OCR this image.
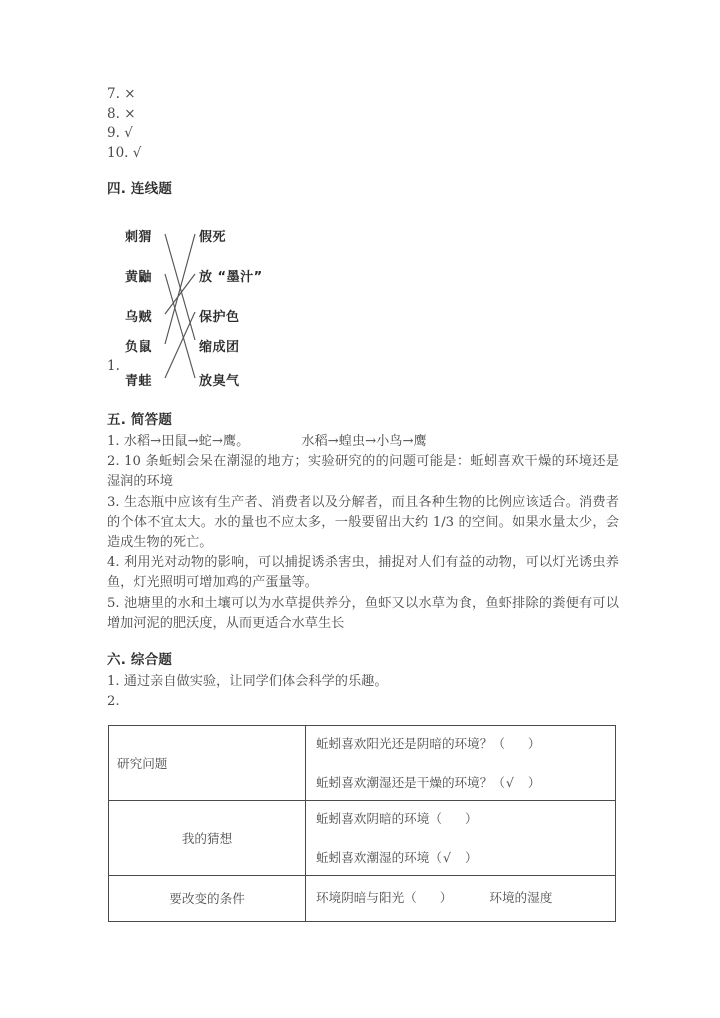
7. ×
8. ×
9. √
10. √
四. 连线题
1.
刺猬
黄鼬
乌贼
负鼠
青蛙
假死
放 “墨汁”
保护色
缩成团
放臭气
五. 简答题

1. 水稻→田鼠→蛇→鹰。	水稻→蝗虫→小鸟→鹰

2. 10 条蚯蚓会呆在潮湿的地方；实验研究的的问题可能是：蚯蚓喜欢干燥的环境还是湿润的环境

3. 生态瓶中应该有生产者、消费者以及分解者，而且各种生物的比例应该适合。消费者的个体不宜太大。水的量也不应太多，一般要留出大约 1/3 的空间。如果水量太少，会造成生物的死亡。

4. 利用光对动物的影响，可以捕捉诱杀害虫，捕捉对人们有益的动物，可以灯光诱虫养鱼，灯光照明可增加鸡的产蛋量等。

5. 池塘里的水和土壤可以为水草提供养分，鱼虾又以水草为食，鱼虾排除的粪便有可以增加河泥的肥沃度，从而更适合水草生长

六. 综合题

1. 通过亲自做实验，让同学们体会科学的乐趣。

2.

研究问题	蚯蚓喜欢阳光还是阴暗的环境？（ ）
蚯蚓喜欢潮湿还是干燥的环境？（√ ）

我的猜想	蚯蚓喜欢阴暗的环境（ ）
蚯蚓喜欢潮湿的环境（√ ）

要改变的条件	环境阴暗与阳光（ ） 环境的湿度
